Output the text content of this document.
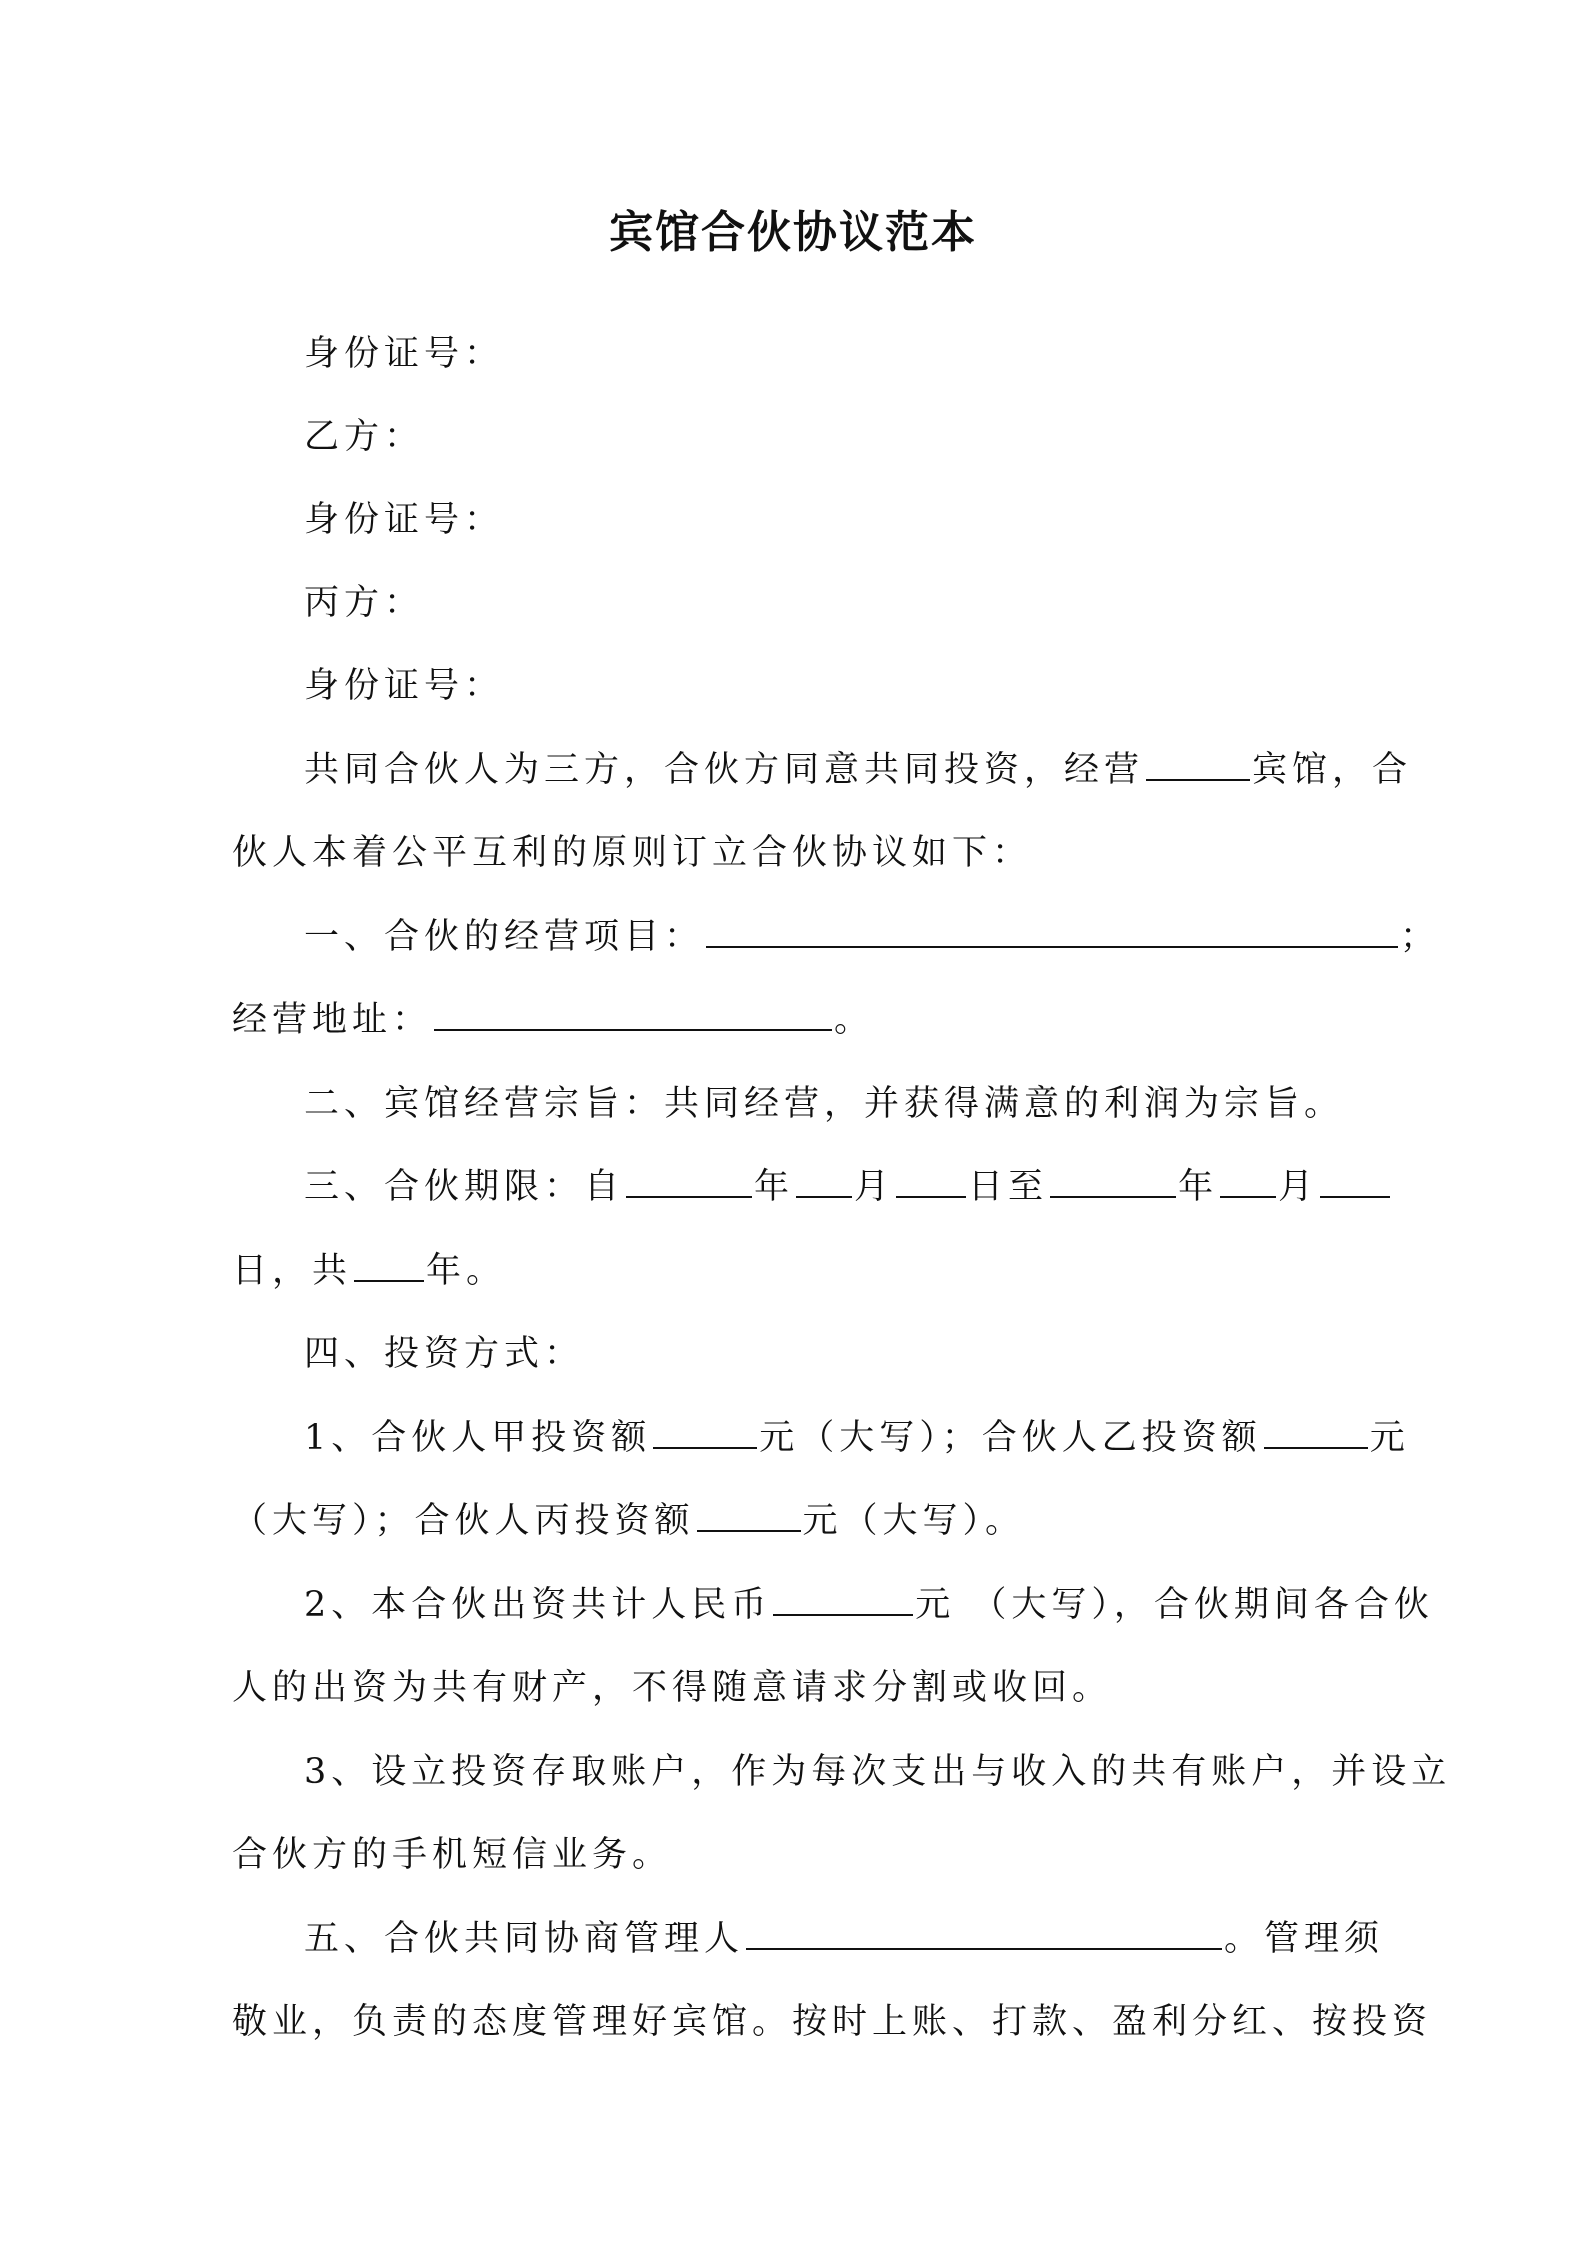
宾馆合伙协议范本
身份证号：
乙方：
身份证号：
丙方：
身份证号：
共同合伙人为三方，合伙方同意共同投资，经营	宾馆，合
伙人本着公平互利的原则订立合伙协议如下：
一、合伙的经营项目：	；
经营地址：	。
二、宾馆经营宗旨：共同经营，并获得满意的利润为宗旨。
三、合伙期限：自	年 月 日至	年 月
日，共 年。
四、投资方式：
1、合伙人甲投资额	元（大写）；合伙人乙投资额	元
（大写）；合伙人丙投资额	元（大写）。
2、本合伙出资共计人民币	元 （大写），合伙期间各合伙
人的出资为共有财产，不得随意请求分割或收回。
3、设立投资存取账户，作为每次支出与收入的共有账户，并设立
合伙方的手机短信业务。
五、合伙共同协商管理人	。管理须
敬业，负责的态度管理好宾馆。按时上账、打款、盈利分红、按投资
